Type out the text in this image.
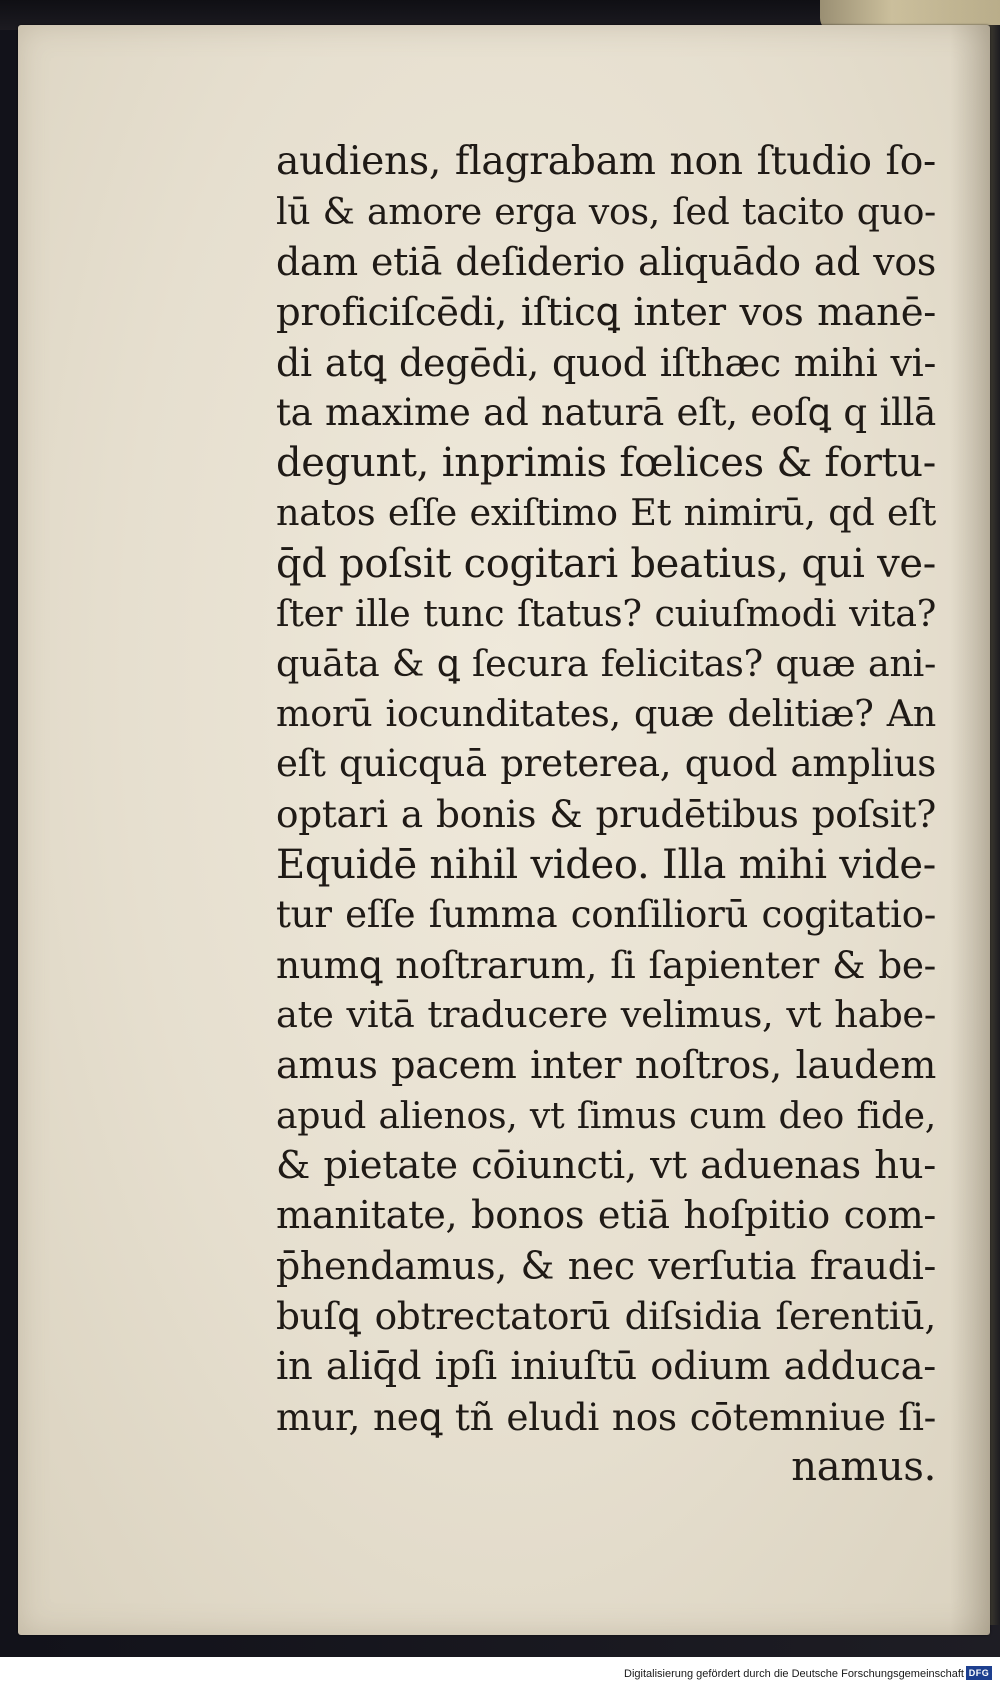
audiens, flagrabam non ſtudio ſo-
lū & amore erga vos, ſed tacito quo-
dam etiā deſiderio aliquādo ad vos
proficiſcēdi, iſticꝗ inter vos manē-
di atꝗ degēdi, quod iſthæc mihi vi-
ta maxime ad naturā eſt, eoſꝗ q illā
degunt, inprimis fœlices & fortu-
natos eſſe exiſtimo Et nimirū, qd eſt
q̄d poſsit cogitari beatius, qui ve-
ſter ille tunc ſtatus? cuiuſmodi vita?
quāta & ꝗ ſecura felicitas? quæ ani-
morū iocunditates, quæ delitiæ? An
eſt quicquā preterea, quod amplius
optari a bonis & prudētibus poſsit?
Equidē nihil video. Illa mihi vide-
tur eſſe ſumma conſiliorū cogitatio-
numꝗ noſtrarum, ſi ſapienter & be-
ate vitā traducere velimus, vt habe-
amus pacem inter noſtros, laudem
apud alienos, vt ſimus cum deo fide,
& pietate cōiuncti, vt aduenas hu-
manitate, bonos etiā hoſpitio com-
p̄hendamus, & nec verſutia fraudi-
buſꝗ obtrectatorū diſsidia ſerentiū,
in aliq̄d ipſi iniuſtū odium adduca-
mur, neꝗ tñ eludi nos cōtemniue ſi-
namus.
Digitalisierung gefördert durch die Deutsche Forschungsgemeinschaft DFG
